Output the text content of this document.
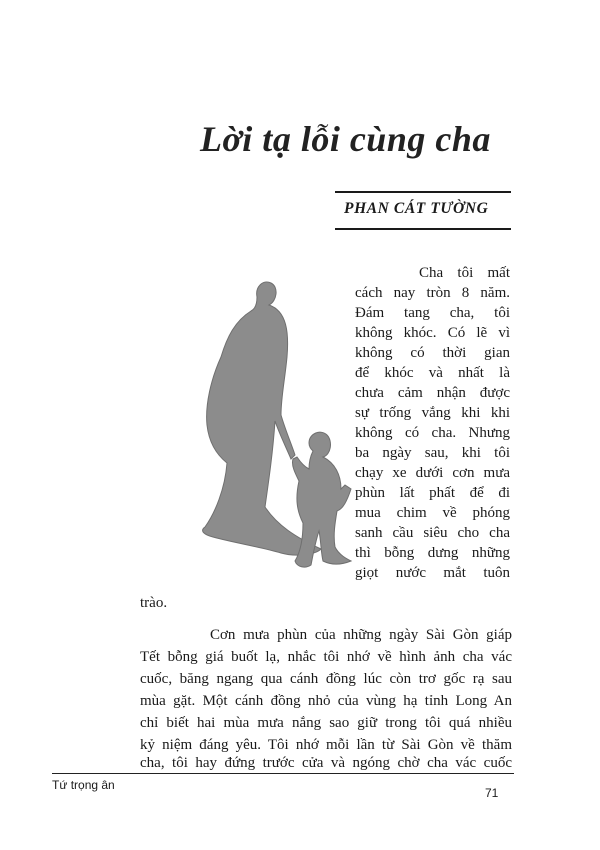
Lời tạ lỗi cùng cha
PHAN CÁT TƯỜNG
Cha tôi mất
cách nay tròn 8 năm.
Đám tang cha, tôi
không khóc. Có lẽ vì
không có thời gian
để khóc và nhất là
chưa cảm nhận được
sự trống vắng khi khi
không có cha. Nhưng
ba ngày sau, khi tôi
chạy xe dưới cơn mưa
phùn lất phất để đi
mua chim về phóng
sanh cầu siêu cho cha
thì bỗng dưng những
giọt nước mắt tuôn
trào.
Cơn mưa phùn của những ngày Sài Gòn giáp
Tết bỗng giá buốt lạ, nhắc tôi nhớ về hình ảnh cha vác
cuốc, băng ngang qua cánh đồng lúc còn trơ gốc rạ sau
mùa gặt. Một cánh đồng nhỏ của vùng hạ tỉnh Long An
chỉ biết hai mùa mưa nắng sao giữ trong tôi quá nhiều
kỷ niệm đáng yêu. Tôi nhớ mỗi lần từ Sài Gòn về thăm
cha, tôi hay đứng trước cửa và ngóng chờ cha vác cuốc
Tứ trọng ân
71
